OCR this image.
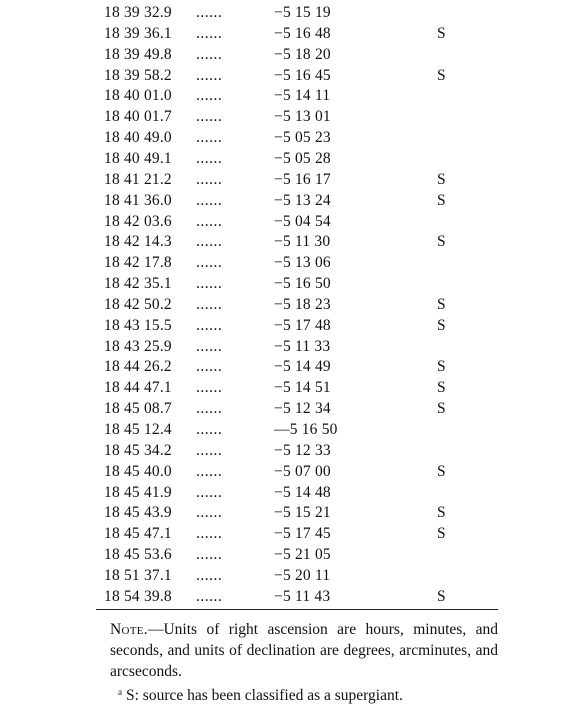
18 39 32.9 ......	−5 15 19
18 39 36.1 ......	−5 16 48	S
18 39 49.8 ......	−5 18 20
18 39 58.2 ......	−5 16 45	S
18 40 01.0 ......	−5 14 11
18 40 01.7 ......	−5 13 01
18 40 49.0 ......	−5 05 23
18 40 49.1 ......	−5 05 28
18 41 21.2 ......	−5 16 17	S
18 41 36.0 ......	−5 13 24	S
18 42 03.6 ......	−5 04 54
18 42 14.3 ......	−5 11 30	S
18 42 17.8 ......	−5 13 06
18 42 35.1 ......	−5 16 50
18 42 50.2 ......	−5 18 23	S
18 43 15.5 ......	−5 17 48	S
18 43 25.9 ......	−5 11 33
18 44 26.2 ......	−5 14 49	S
18 44 47.1 ......	−5 14 51	S
18 45 08.7 ......	−5 12 34	S
18 45 12.4 ......	—5 16 50
18 45 34.2 ......	−5 12 33
18 45 40.0 ......	−5 07 00	S
18 45 41.9 ......	−5 14 48
18 45 43.9 ......	−5 15 21	S
18 45 47.1 ......	−5 17 45	S
18 45 53.6 ......	−5 21 05
18 51 37.1 ......	−5 20 11
18 54 39.8 ......	−5 11 43	S
Note.—Units of right ascension are hours, minutes, and seconds, and units of declination are degrees, arcminutes, and arcseconds.
$^a$ S: source has been classified as a supergiant.
